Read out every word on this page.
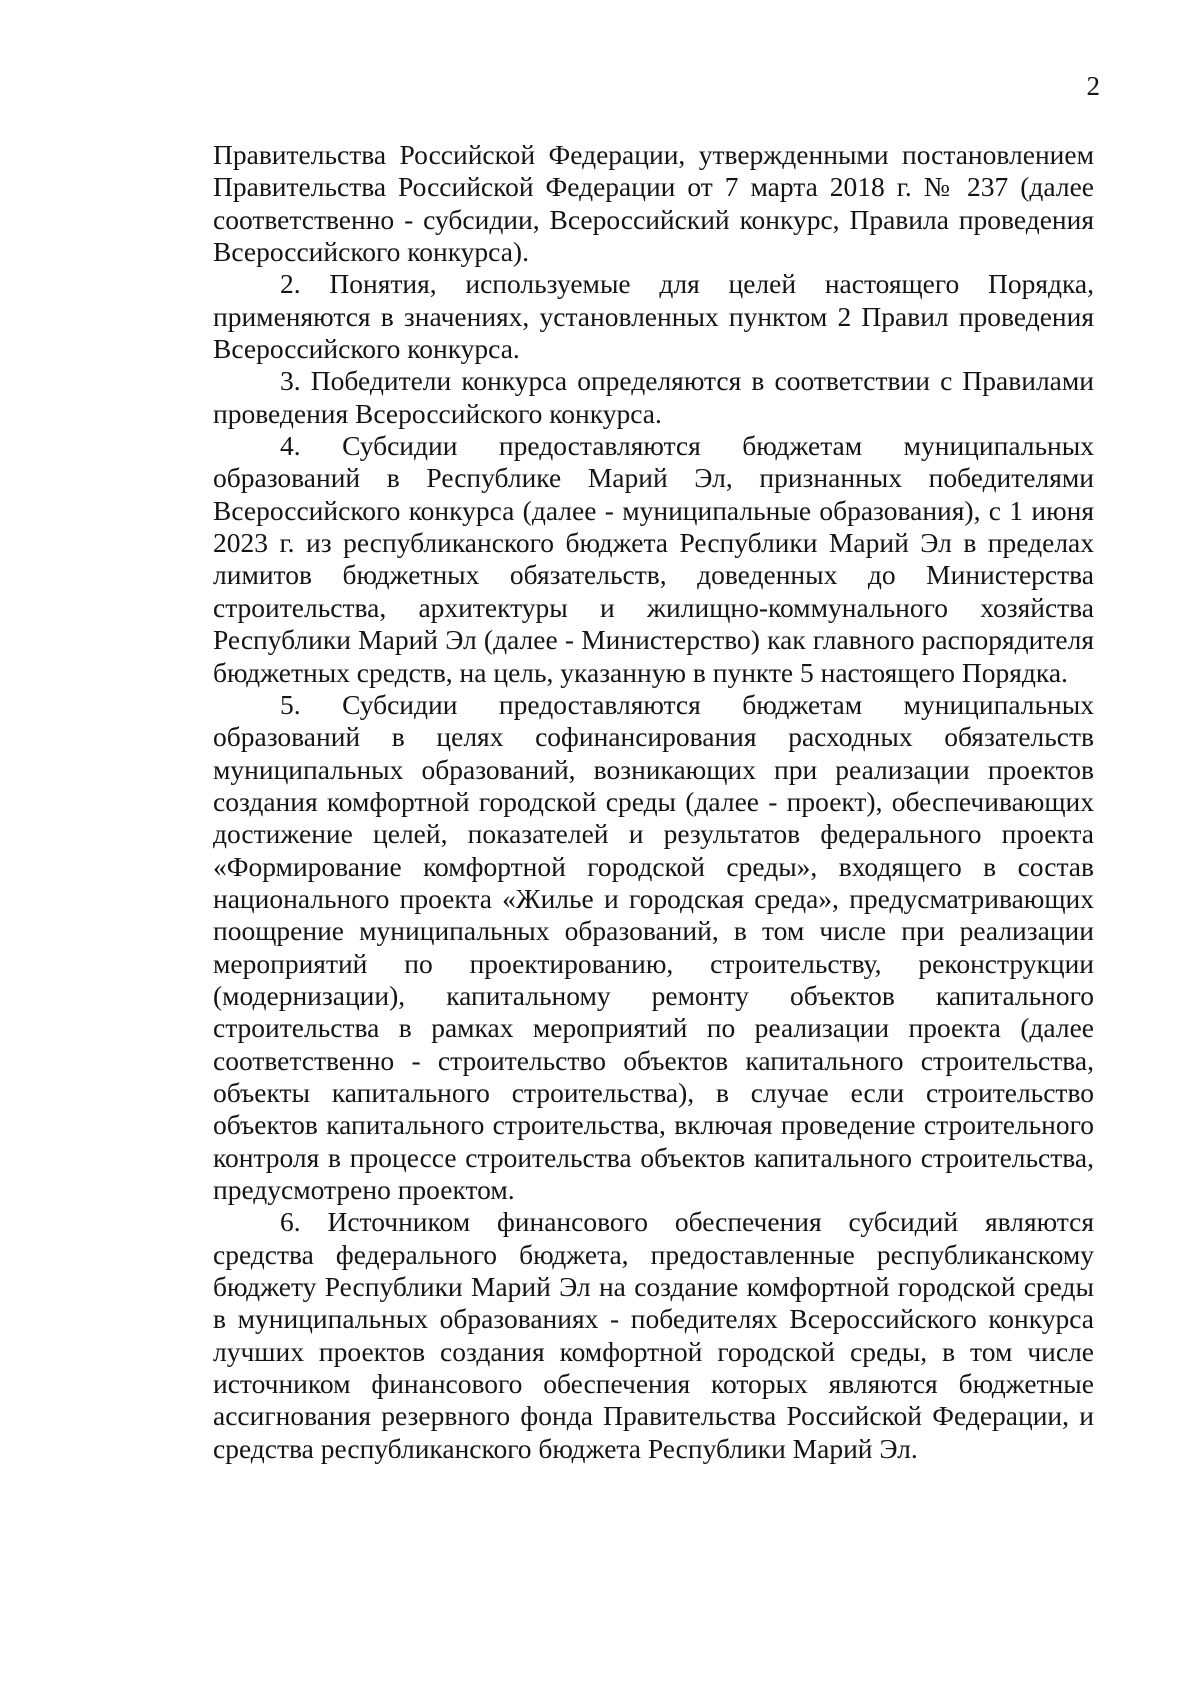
2

Правительства Российской Федерации, утвержденными постановлением Правительства Российской Федерации от 7 марта 2018 г. № 237 (далее соответственно - субсидии, Всероссийский конкурс, Правила проведения Всероссийского конкурса).

2. Понятия, используемые для целей настоящего Порядка, применяются в значениях, установленных пунктом 2 Правил проведения Всероссийского конкурса.

3. Победители конкурса определяются в соответствии с Правилами проведения Всероссийского конкурса.

4. Субсидии предоставляются бюджетам муниципальных образований в Республике Марий Эл, признанных победителями Всероссийского конкурса (далее - муниципальные образования), с 1 июня 2023 г. из республиканского бюджета Республики Марий Эл в пределах лимитов бюджетных обязательств, доведенных до Министерства строительства, архитектуры и жилищно-коммунального хозяйства Республики Марий Эл (далее - Министерство) как главного распорядителя бюджетных средств, на цель, указанную в пункте 5 настоящего Порядка.

5. Субсидии предоставляются бюджетам муниципальных образований в целях софинансирования расходных обязательств муниципальных образований, возникающих при реализации проектов создания комфортной городской среды (далее - проект), обеспечивающих достижение целей, показателей и результатов федерального проекта «Формирование комфортной городской среды», входящего в состав национального проекта «Жилье и городская среда», предусматривающих поощрение муниципальных образований, в том числе при реализации мероприятий по проектированию, строительству, реконструкции (модернизации), капитальному ремонту объектов капитального строительства в рамках мероприятий по реализации проекта (далее соответственно - строительство объектов капитального строительства, объекты капитального строительства), в случае если строительство объектов капитального строительства, включая проведение строительного контроля в процессе строительства объектов капитального строительства, предусмотрено проектом.

6. Источником финансового обеспечения субсидий являются средства федерального бюджета, предоставленные республиканскому бюджету Республики Марий Эл на создание комфортной городской среды в муниципальных образованиях - победителях Всероссийского конкурса лучших проектов создания комфортной городской среды, в том числе источником финансового обеспечения которых являются бюджетные ассигнования резервного фонда Правительства Российской Федерации, и средства республиканского бюджета Республики Марий Эл.
